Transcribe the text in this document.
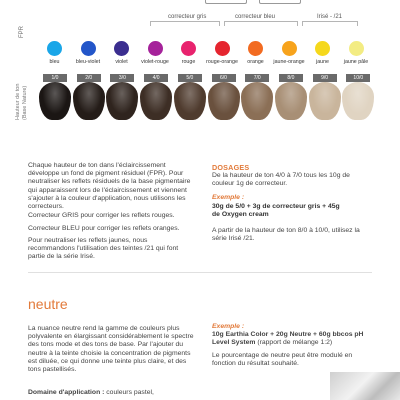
correcteur gris	correcteur bleu	Irisé - /21
FPR
Hauteur de ton (Base Nature)
bleu	bleu-violet	violet	violet-rouge	rouge	rouge-orange	orange	jaune-orange	jaune	jaune pâle
1/0	2/0	3/0	4/0	5/0	6/0	7/0	8/0	9/0	10/0
Chaque hauteur de ton dans l'éclaircissement développe un fond de pigment résiduel (FPR). Pour neutraliser les reflets résiduels de la base pigmentaire qui apparaissent lors de l'éclaircissement et viennent s'ajouter à la couleur d'application, nous utilisons les correcteurs.
Correcteur GRIS pour corriger les reflets rouges.
Correcteur BLEU pour corriger les reflets oranges.
Pour neutraliser les reflets jaunes, nous recommandons l'utilisation des teintes /21 qui font partie de la série Irisé.
DOSAGES
De la hauteur de ton 4/0 à 7/0 tous les 10g de couleur 1g de correcteur.
Exemple :
30g de 5/0 + 3g de correcteur gris + 45g de Oxygen cream
A partir de la hauteur de ton 8/0 à 10/0, utilisez la série Irisé /21.
neutre
La nuance neutre rend la gamme de couleurs plus polyvalente en élargissant considérablement le spectre des tons mode et des tons de base. Par l'ajouter du neutre à la teinte choisie la concentration de pigments est diluée, ce qui donne une teinte plus claire, et des tons pastellisés.
Domaine d'application : couleurs pastel,
Exemple :
10g Earthia Color + 20g Neutre + 60g bbcos pH Level System (rapport de mélange 1:2)
Le pourcentage de neutre peut être modulé en fonction du résultat souhaité.
